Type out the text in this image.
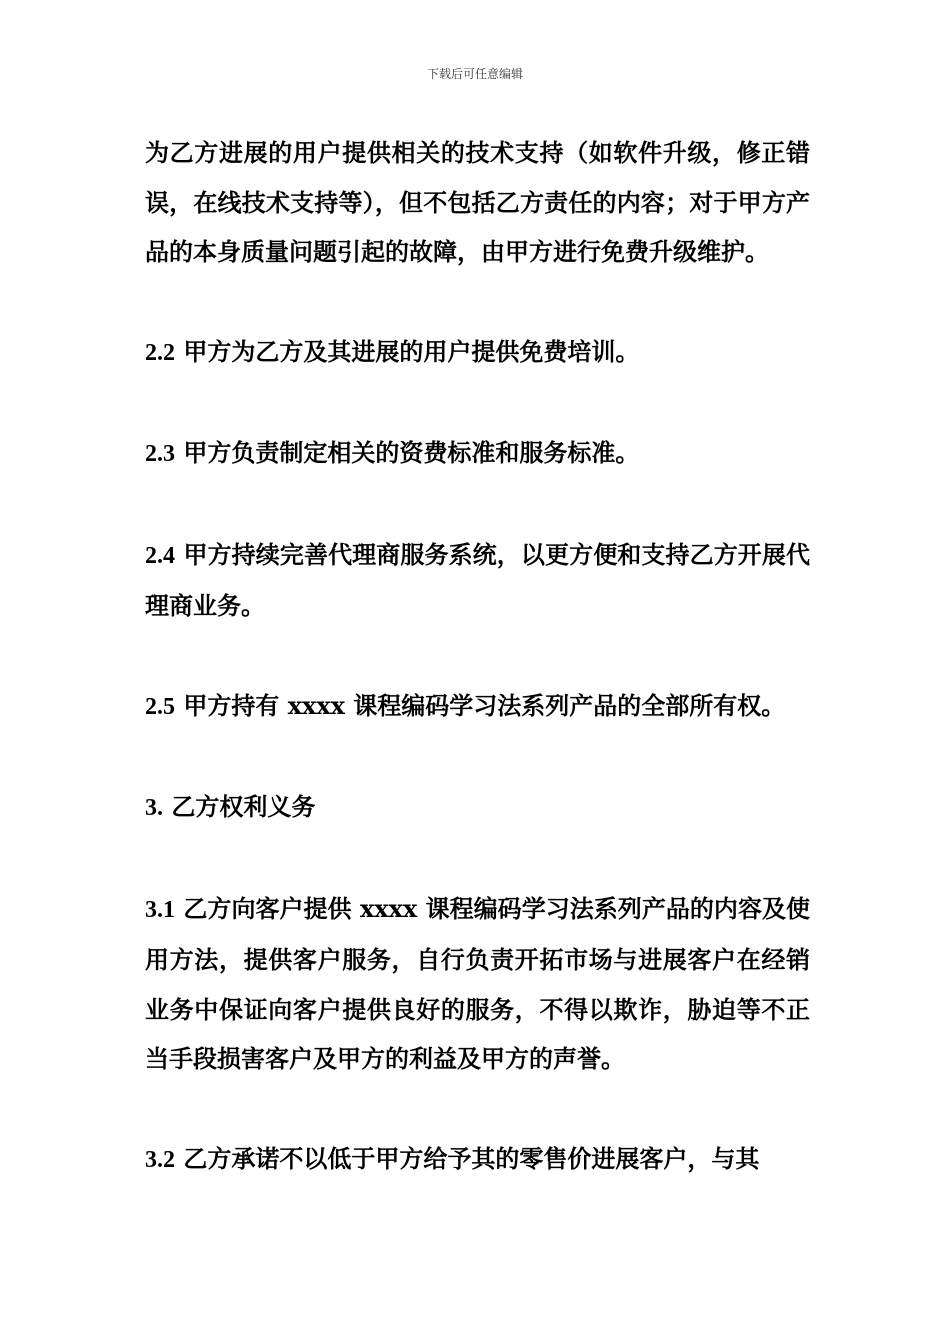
下载后可任意编辑

为乙方进展的用户提供相关的技术支持（如软件升级，修正错误，在线技术支持等），但不包括乙方责任的内容；对于甲方产品的本身质量问题引起的故障，由甲方进行免费升级维护。

2.2 甲方为乙方及其进展的用户提供免费培训。

2.3 甲方负责制定相关的资费标准和服务标准。

2.4 甲方持续完善代理商服务系统，以更方便和支持乙方开展代理商业务。

2.5 甲方持有 xxxx 课程编码学习法系列产品的全部所有权。

3. 乙方权利义务

3.1 乙方向客户提供 xxxx 课程编码学习法系列产品的内容及使用方法，提供客户服务，自行负责开拓市场与进展客户在经销业务中保证向客户提供良好的服务，不得以欺诈，胁迫等不正当手段损害客户及甲方的利益及甲方的声誉。

3.2 乙方承诺不以低于甲方给予其的零售价进展客户，与其
